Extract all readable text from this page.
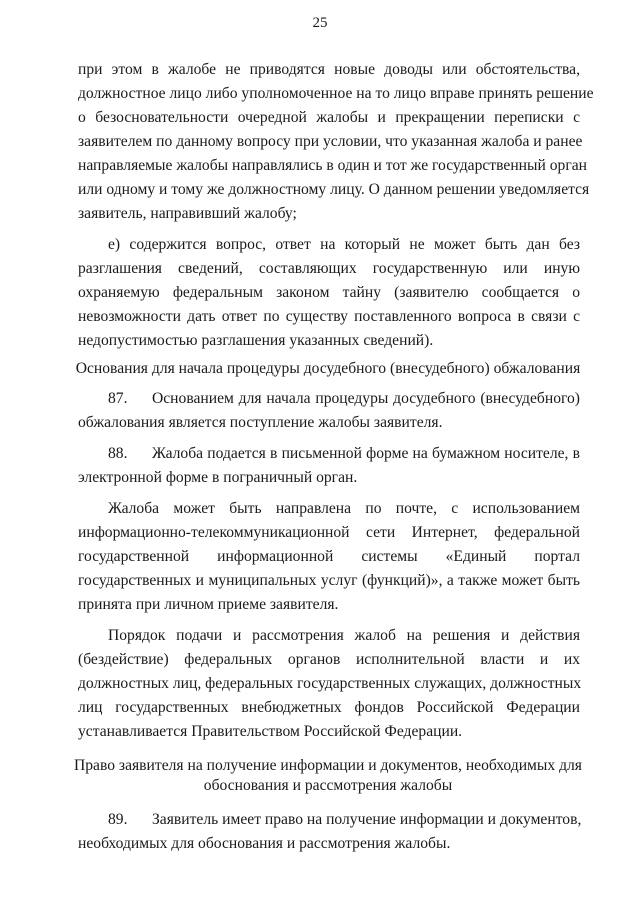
25
при этом в жалобе не приводятся новые доводы или обстоятельства,
должностное лицо либо уполномоченное на то лицо вправе принять решение
о безосновательности очередной жалобы и прекращении переписки с
заявителем по данному вопросу при условии, что указанная жалоба и ранее
направляемые жалобы направлялись в один и тот же государственный орган
или одному и тому же должностному лицу. О данном решении уведомляется
заявитель, направивший жалобу;
е) содержится вопрос, ответ на который не может быть дан без
разглашения сведений, составляющих государственную или иную
охраняемую федеральным законом тайну (заявителю сообщается о
невозможности дать ответ по существу поставленного вопроса в связи с
недопустимостью разглашения указанных сведений).
Основания для начала процедуры досудебного (внесудебного) обжалования
87. Основанием для начала процедуры досудебного (внесудебного)
обжалования является поступление жалобы заявителя.
88. Жалоба подается в письменной форме на бумажном носителе, в
электронной форме в пограничный орган.
Жалоба может быть направлена по почте, с использованием
информационно-телекоммуникационной сети Интернет, федеральной
государственной информационной системы «Единый портал
государственных и муниципальных услуг (функций)», а также может быть
принята при личном приеме заявителя.
Порядок подачи и рассмотрения жалоб на решения и действия
(бездействие) федеральных органов исполнительной власти и их
должностных лиц, федеральных государственных служащих, должностных
лиц государственных внебюджетных фондов Российской Федерации
устанавливается Правительством Российской Федерации.
Право заявителя на получение информации и документов, необходимых для
обоснования и рассмотрения жалобы
89. Заявитель имеет право на получение информации и документов,
необходимых для обоснования и рассмотрения жалобы.
